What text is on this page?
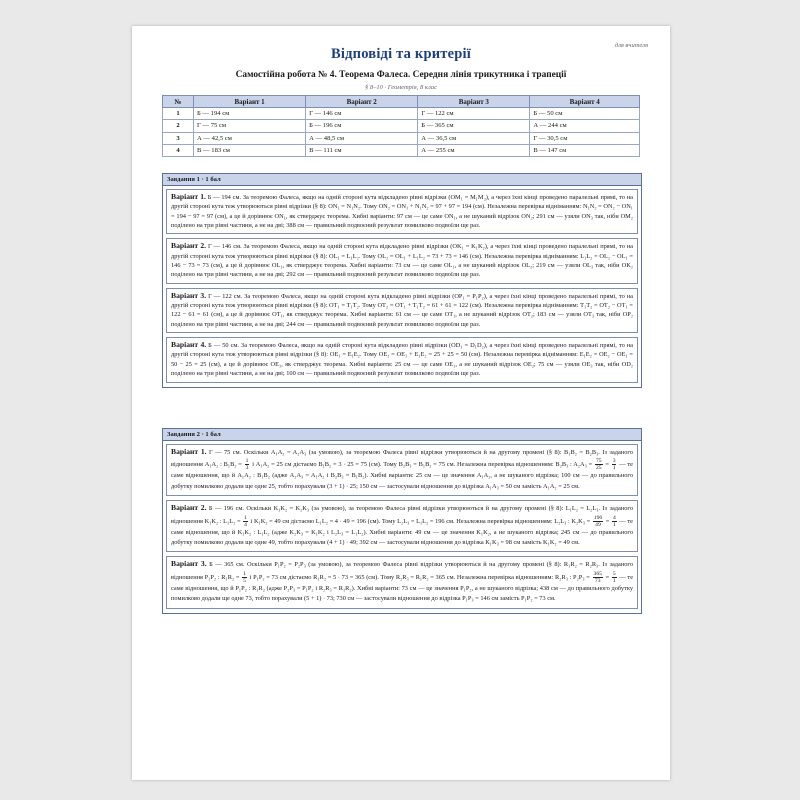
для вчителя
Відповіді та критерії
Самостійна робота № 4. Теорема Фалеса. Середня лінія трикутника і трапеції
§ 8–10 · Геометрія, 8 клас
№	Варіант 1	Варіант 2	Варіант 3	Варіант 4
1	Б — 194 см	Г — 146 см	Г — 122 см	Б — 50 см
2	Г — 75 см	Б — 196 см	Б — 365 см	А — 244 см
3	А — 42,5 см	А — 48,5 см	А — 36,5 см	Г — 30,5 см
4	В — 183 см	В — 111 см	А — 255 см	В — 147 см
Завдання 1 · 1 бал
Варіант 1. Б — 194 см. За теоремою Фалеса, якщо на одній стороні кута відкладено рівні відрізки (OM₁ = M₁M₂), а через їхні кінці проведено паралельні прямі, то на другій стороні кута теж утворюються рівні відрізки (§ 8): ON₁ = N₁N₂. Тому ON₂ = ON₁ + N₁N₂ = 97 + 97 = 194 (см). Незалежна перевірка відніманням: N₁N₂ = ON₂ − ON₁ = 194 − 97 = 97 (см), а це й дорівнює ON₁, як стверджує теорема. Хибні варіанти: 97 см — це саме ON₁, а не шуканий відрізок ON₂; 291 см — узяли ON₃ так, ніби OM₂ поділено на три рівні частини, а не на дві; 388 см — правильний подвоєний результат помилково подвоїли ще раз.
Варіант 2. Г — 146 см. За теоремою Фалеса, якщо на одній стороні кута відкладено рівні відрізки (OK₁ = K₁K₂), а через їхні кінці проведено паралельні прямі, то на другій стороні кута теж утворюються рівні відрізки (§ 8): OL₁ = L₁L₂. Тому OL₂ = OL₁ + L₁L₂ = 73 + 73 = 146 (см). Незалежна перевірка відніманням: L₁L₂ = OL₂ − OL₁ = 146 − 73 = 73 (см), а це й дорівнює OL₁, як стверджує теорема. Хибні варіанти: 73 см — це саме OL₁, а не шуканий відрізок OL₂; 219 см — узяли OL₃ так, ніби OK₂ поділено на три рівні частини, а не на дві; 292 см — правильний подвоєний результат помилково подвоїли ще раз.
Варіант 3. Г — 122 см. За теоремою Фалеса, якщо на одній стороні кута відкладено рівні відрізки (OP₁ = P₁P₂), а через їхні кінці проведено паралельні прямі, то на другій стороні кута теж утворюються рівні відрізки (§ 8): OT₁ = T₁T₂. Тому OT₂ = OT₁ + T₁T₂ = 61 + 61 = 122 (см). Незалежна перевірка відніманням: T₁T₂ = OT₂ − OT₁ = 122 − 61 = 61 (см), а це й дорівнює OT₁, як стверджує теорема. Хибні варіанти: 61 см — це саме OT₁, а не шуканий відрізок OT₂; 183 см — узяли OT₃ так, ніби OP₂ поділено на три рівні частини, а не на дві; 244 см — правильний подвоєний результат помилково подвоїли ще раз.
Варіант 4. Б — 50 см. За теоремою Фалеса, якщо на одній стороні кута відкладено рівні відрізки (OD₁ = D₁D₂), а через їхні кінці проведено паралельні прямі, то на другій стороні кута теж утворюються рівні відрізки (§ 8): OE₁ = E₁E₂. Тому OE₂ = OE₁ + E₁E₂ = 25 + 25 = 50 (см). Незалежна перевірка відніманням: E₁E₂ = OE₂ − OE₁ = 50 − 25 = 25 (см), а це й дорівнює OE₁, як стверджує теорема. Хибні варіанти: 25 см — це саме OE₁, а не шуканий відрізок OE₂; 75 см — узяли OE₃ так, ніби OD₂ поділено на три рівні частини, а не на дві; 100 см — правильний подвоєний результат помилково подвоїли ще раз.
Завдання 2 · 1 бал
Варіант 1. Г — 75 см. Оскільки A₁A₂ = A₂A₃ (за умовою), за теоремою Фалеса рівні відрізки утворюються й на другому промені (§ 8): B₁B₂ = B₂B₃. Із заданого відношення A₁A₂ : $B_1B_2 = \frac{1}{3}$ і A₁A₂ = 25 см дістаємо B₁B₂ = 3 · 25 = 75 (см). Тому B₂B₃ = B₁B₂ = 75 см. Незалежна перевірка відношенням: B₂B₃ : $A_2A_3 = \frac{75}{25} = \frac{3}{1}$ — те саме відношення, що й A₁A₂ : B₁B₂ (адже A₂A₃ = A₁A₂ і B₂B₃ = B₁B₂). Хибні варіанти: 25 см — це значення A₁A₂, а не шуканого відрізка; 100 см — до правильного добутку помилково додали ще одне 25, тобто порахували (3 + 1) · 25; 150 см — застосували відношення до відрізка A₁A₃ = 50 см замість A₁A₂ = 25 см.
Варіант 2. Б — 196 см. Оскільки K₁K₂ = K₂K₃ (за умовою), за теоремою Фалеса рівні відрізки утворюються й на другому промені (§ 8): L₁L₂ = L₂L₃. Із заданого відношення K₁K₂ : $L_1L_2 = \frac{1}{4}$ і K₁K₂ = 49 см дістаємо L₁L₂ = 4 · 49 = 196 (см). Тому L₂L₃ = L₁L₂ = 196 см. Незалежна перевірка відношенням: L₂L₃ : $K_2K_3 = \frac{196}{49} = \frac{4}{1}$ — те саме відношення, що й K₁K₂ : L₁L₂ (адже K₂K₃ = K₁K₂ і L₂L₃ = L₁L₂). Хибні варіанти: 49 см — це значення K₁K₂, а не шуканого відрізка; 245 см — до правильного добутку помилково додали ще одне 49, тобто порахували (4 + 1) · 49; 392 см — застосували відношення до відрізка K₁K₃ = 98 см замість K₁K₂ = 49 см.
Варіант 3. Б — 365 см. Оскільки P₁P₂ = P₂P₃ (за умовою), за теоремою Фалеса рівні відрізки утворюються й на другому промені (§ 8): R₁R₂ = R₂R₃. Із заданого відношення P₁P₂ : $R_1R_2 = \frac{1}{5}$ і P₁P₂ = 73 см дістаємо R₁R₂ = 5 · 73 = 365 (см). Тому R₂R₃ = R₁R₂ = 365 см. Незалежна перевірка відношенням: R₂R₃ : $P_2P_3 = \frac{365}{73} = \frac{5}{1}$ — те саме відношення, що й P₁P₂ : R₁R₂ (адже P₂P₃ = P₁P₂ і R₂R₃ = R₁R₂). Хибні варіанти: 73 см — це значення P₁P₂, а не шуканого відрізка; 438 см — до правильного добутку помилково додали ще одне 73, тобто порахували (5 + 1) · 73; 730 см — застосували відношення до відрізка P₁P₃ = 146 см замість P₁P₂ = 73 см.
